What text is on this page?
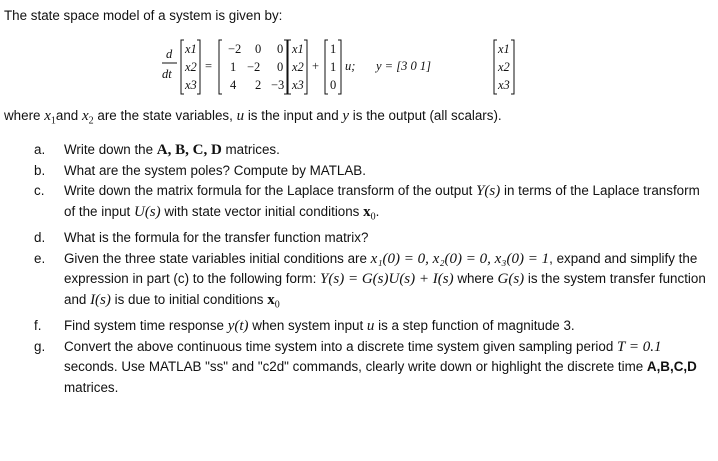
The state space model of a system is given by:
d
dt
x1
x2
x3
=
−2 0 0
1 −2 0
4 2 −3
x1
x2
x3
+
1
1
0
u; y = [3 0 1]
x1
x2
x3
where $x_1and$ $x_2$ are the state variables, u is the input and y is the output (all scalars).
a.	Write down the A, B, C, D matrices.
b.	What are the system poles? Compute by MATLAB.
c.	Write down the matrix formula for the Laplace transform of the output Y(s) in terms of the Laplace transform of the input U(s) with state vector initial conditions $x_0$.
d.	What is the formula for the transfer function matrix?
e.	Given the three state variables initial conditions are x₁(0) = 0, x₂(0) = 0, x₃(0) = 1, expand and simplify the expression in part (c) to the following form: Y(s) = G(s)U(s) + I(s) where G(s) is the system transfer function and I(s) is due to initial conditions $x_0$
f.	Find system time response y(t) when system input u is a step function of magnitude 3.
g.	Convert the above continuous time system into a discrete time system given sampling period T = 0.1 seconds. Use MATLAB "ss" and "c2d" commands, clearly write down or highlight the discrete time A,B,C,D matrices.
